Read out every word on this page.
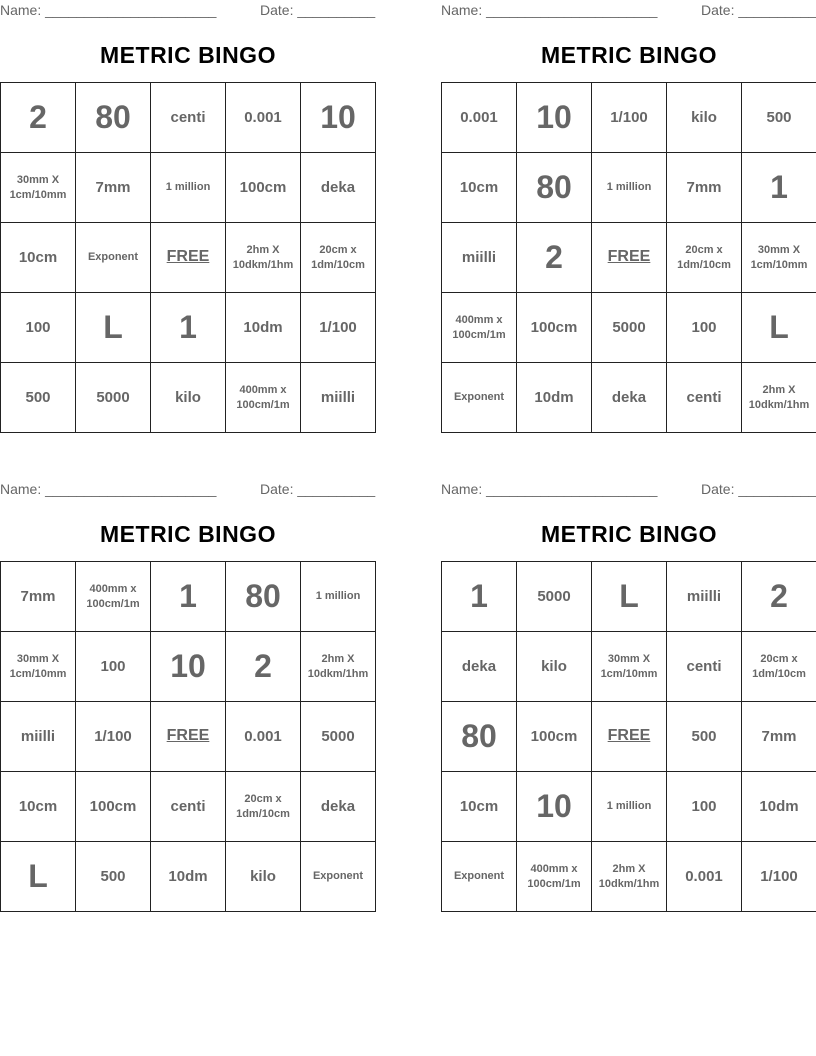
Name: ______________________	Date: __________
METRIC BINGO
2	80	centi	0.001	10
30mm X 1cm/10mm	7mm	1 million	100cm	deka
10cm	Exponent	FREE	2hm X 10dkm/1hm	20cm x 1dm/10cm
100	L	1	10dm	1/100
500	5000	kilo	400mm x 100cm/1m	miilli
Name: ______________________	Date: __________
METRIC BINGO
0.001	10	1/100	kilo	500
10cm	80	1 million	7mm	1
miilli	2	FREE	20cm x 1dm/10cm	30mm X 1cm/10mm
400mm x 100cm/1m	100cm	5000	100	L
Exponent	10dm	deka	centi	2hm X 10dkm/1hm
Name: ______________________	Date: __________
METRIC BINGO
7mm	400mm x 100cm/1m	1	80	1 million
30mm X 1cm/10mm	100	10	2	2hm X 10dkm/1hm
miilli	1/100	FREE	0.001	5000
10cm	100cm	centi	20cm x 1dm/10cm	deka
L	500	10dm	kilo	Exponent
Name: ______________________	Date: __________
METRIC BINGO
1	5000	L	miilli	2
deka	kilo	30mm X 1cm/10mm	centi	20cm x 1dm/10cm
80	100cm	FREE	500	7mm
10cm	10	1 million	100	10dm
Exponent	400mm x 100cm/1m	2hm X 10dkm/1hm	0.001	1/100
